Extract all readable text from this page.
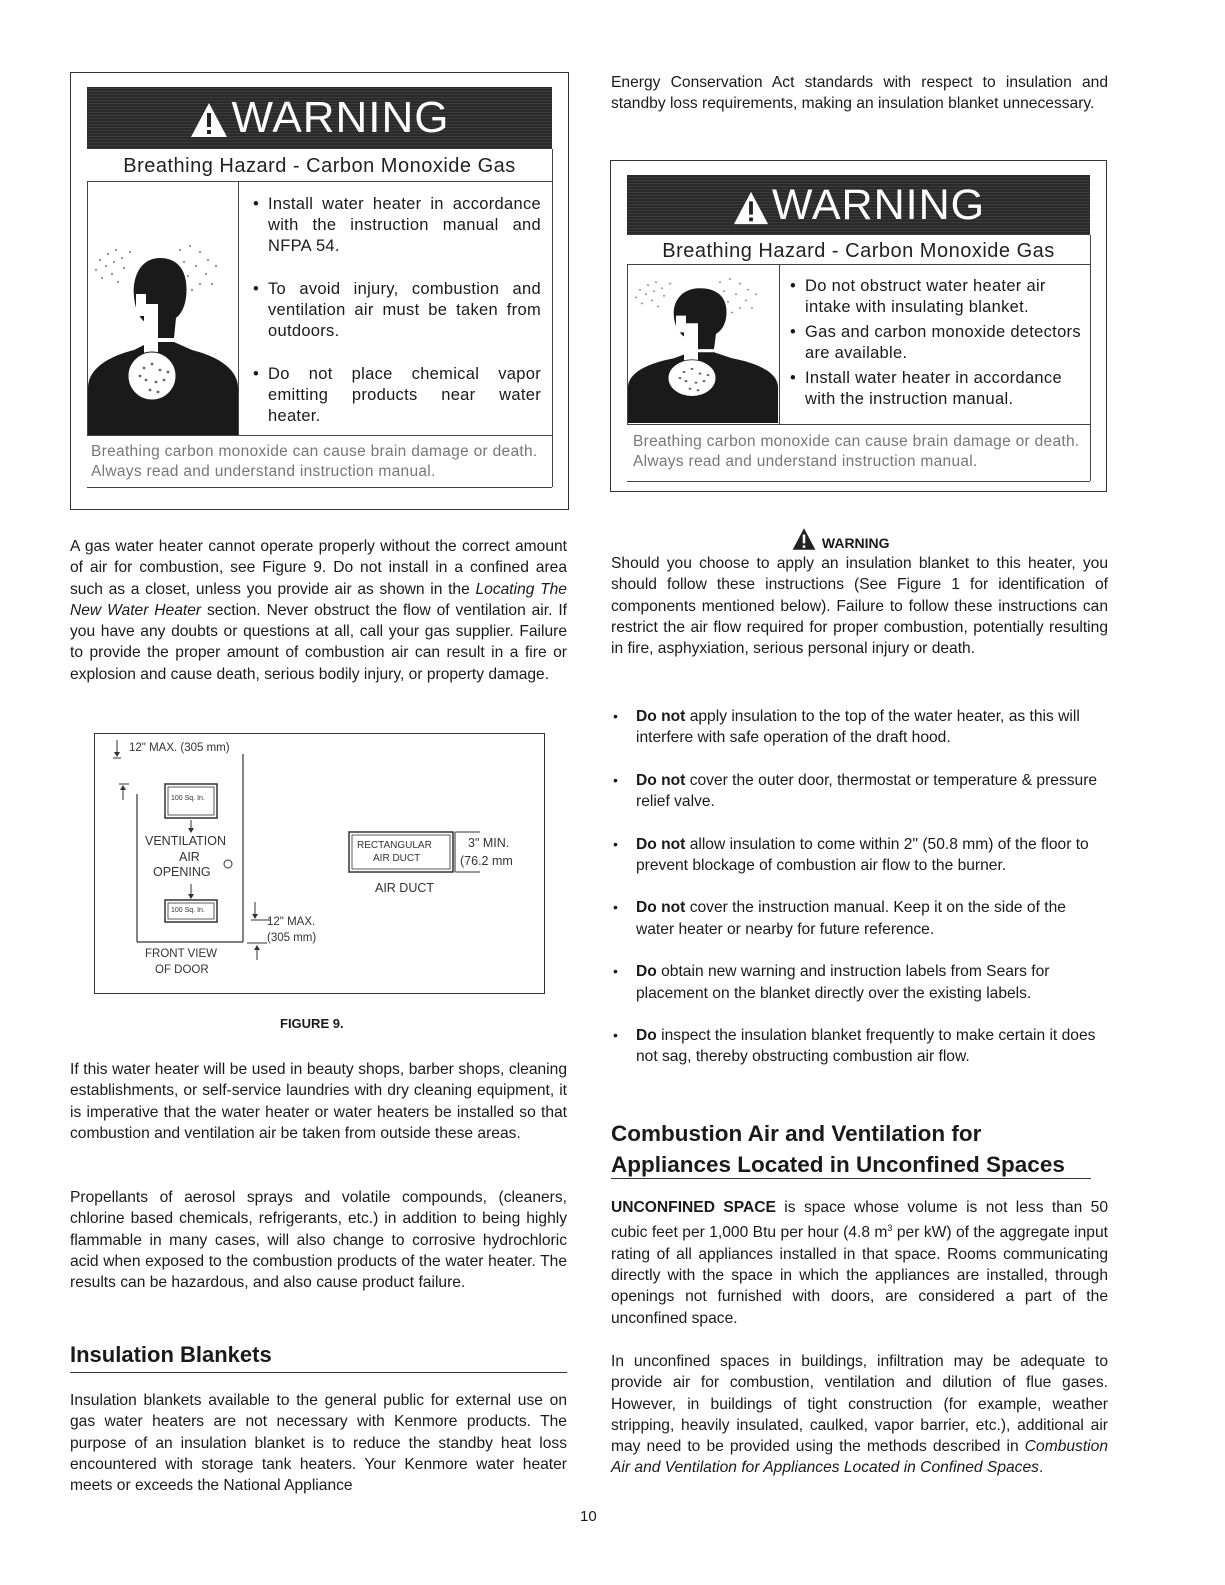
WARNING
Breathing Hazard - Carbon Monoxide Gas
• Install water heater in accordance with the instruction manual and NFPA 54.
• To avoid injury, combustion and ventilation air must be taken from outdoors.
• Do not place chemical vapor emitting products near water heater.
Breathing carbon monoxide can cause brain damage or death. Always read and understand instruction manual.

A gas water heater cannot operate properly without the correct amount of air for combustion, see Figure 9. Do not install in a confined area such as a closet, unless you provide air as shown in the Locating The New Water Heater section. Never obstruct the flow of ventilation air. If you have any doubts or questions at all, call your gas supplier. Failure to provide the proper amount of combustion air can result in a fire or explosion and cause death, serious bodily injury, or property damage.

12" MAX. (305 mm)
100 Sq. In.
VENTILATION
AIR
OPENING
100 Sq. In.
12" MAX.
(305 mm)
FRONT VIEW
OF DOOR
RECTANGULAR
AIR DUCT
3" MIN.
(76.2 mm
AIR DUCT
FIGURE 9.

If this water heater will be used in beauty shops, barber shops, cleaning establishments, or self-service laundries with dry cleaning equipment, it is imperative that the water heater or water heaters be installed so that combustion and ventilation air be taken from outside these areas.

Propellants of aerosol sprays and volatile compounds, (cleaners, chlorine based chemicals, refrigerants, etc.) in addition to being highly flammable in many cases, will also change to corrosive hydrochloric acid when exposed to the combustion products of the water heater. The results can be hazardous, and also cause product failure.

Insulation Blankets

Insulation blankets available to the general public for external use on gas water heaters are not necessary with Kenmore products. The purpose of an insulation blanket is to reduce the standby heat loss encountered with storage tank heaters. Your Kenmore water heater meets or exceeds the National Appliance

Energy Conservation Act standards with respect to insulation and standby loss requirements, making an insulation blanket unnecessary.

WARNING
Breathing Hazard - Carbon Monoxide Gas
• Do not obstruct water heater air intake with insulating blanket.
• Gas and carbon monoxide detectors are available.
• Install water heater in accordance with the instruction manual.
Breathing carbon monoxide can cause brain damage or death. Always read and understand instruction manual.
WARNING

Should you choose to apply an insulation blanket to this heater, you should follow these instructions (See Figure 1 for identification of components mentioned below). Failure to follow these instructions can restrict the air flow required for proper combustion, potentially resulting in fire, asphyxiation, serious personal injury or death.

• Do not apply insulation to the top of the water heater, as this will interfere with safe operation of the draft hood.
• Do not cover the outer door, thermostat or temperature & pressure relief valve.
• Do not allow insulation to come within 2" (50.8 mm) of the floor to prevent blockage of combustion air flow to the burner.
• Do not cover the instruction manual. Keep it on the side of the water heater or nearby for future reference.
• Do obtain new warning and instruction labels from Sears for placement on the blanket directly over the existing labels.
• Do inspect the insulation blanket frequently to make certain it does not sag, thereby obstructing combustion air flow.
Combustion Air and Ventilation for
Appliances Located in Unconfined Spaces

UNCONFINED SPACE is space whose volume is not less than 50 cubic feet per 1,000 Btu per hour (4.8 $m^3$ per kW) of the aggregate input rating of all appliances installed in that space. Rooms communicating directly with the space in which the appliances are installed, through openings not furnished with doors, are considered a part of the unconfined space.

In unconfined spaces in buildings, infiltration may be adequate to provide air for combustion, ventilation and dilution of flue gases. However, in buildings of tight construction (for example, weather stripping, heavily insulated, caulked, vapor barrier, etc.), additional air may need to be provided using the methods described in Combustion Air and Ventilation for Appliances Located in Confined Spaces.

10
